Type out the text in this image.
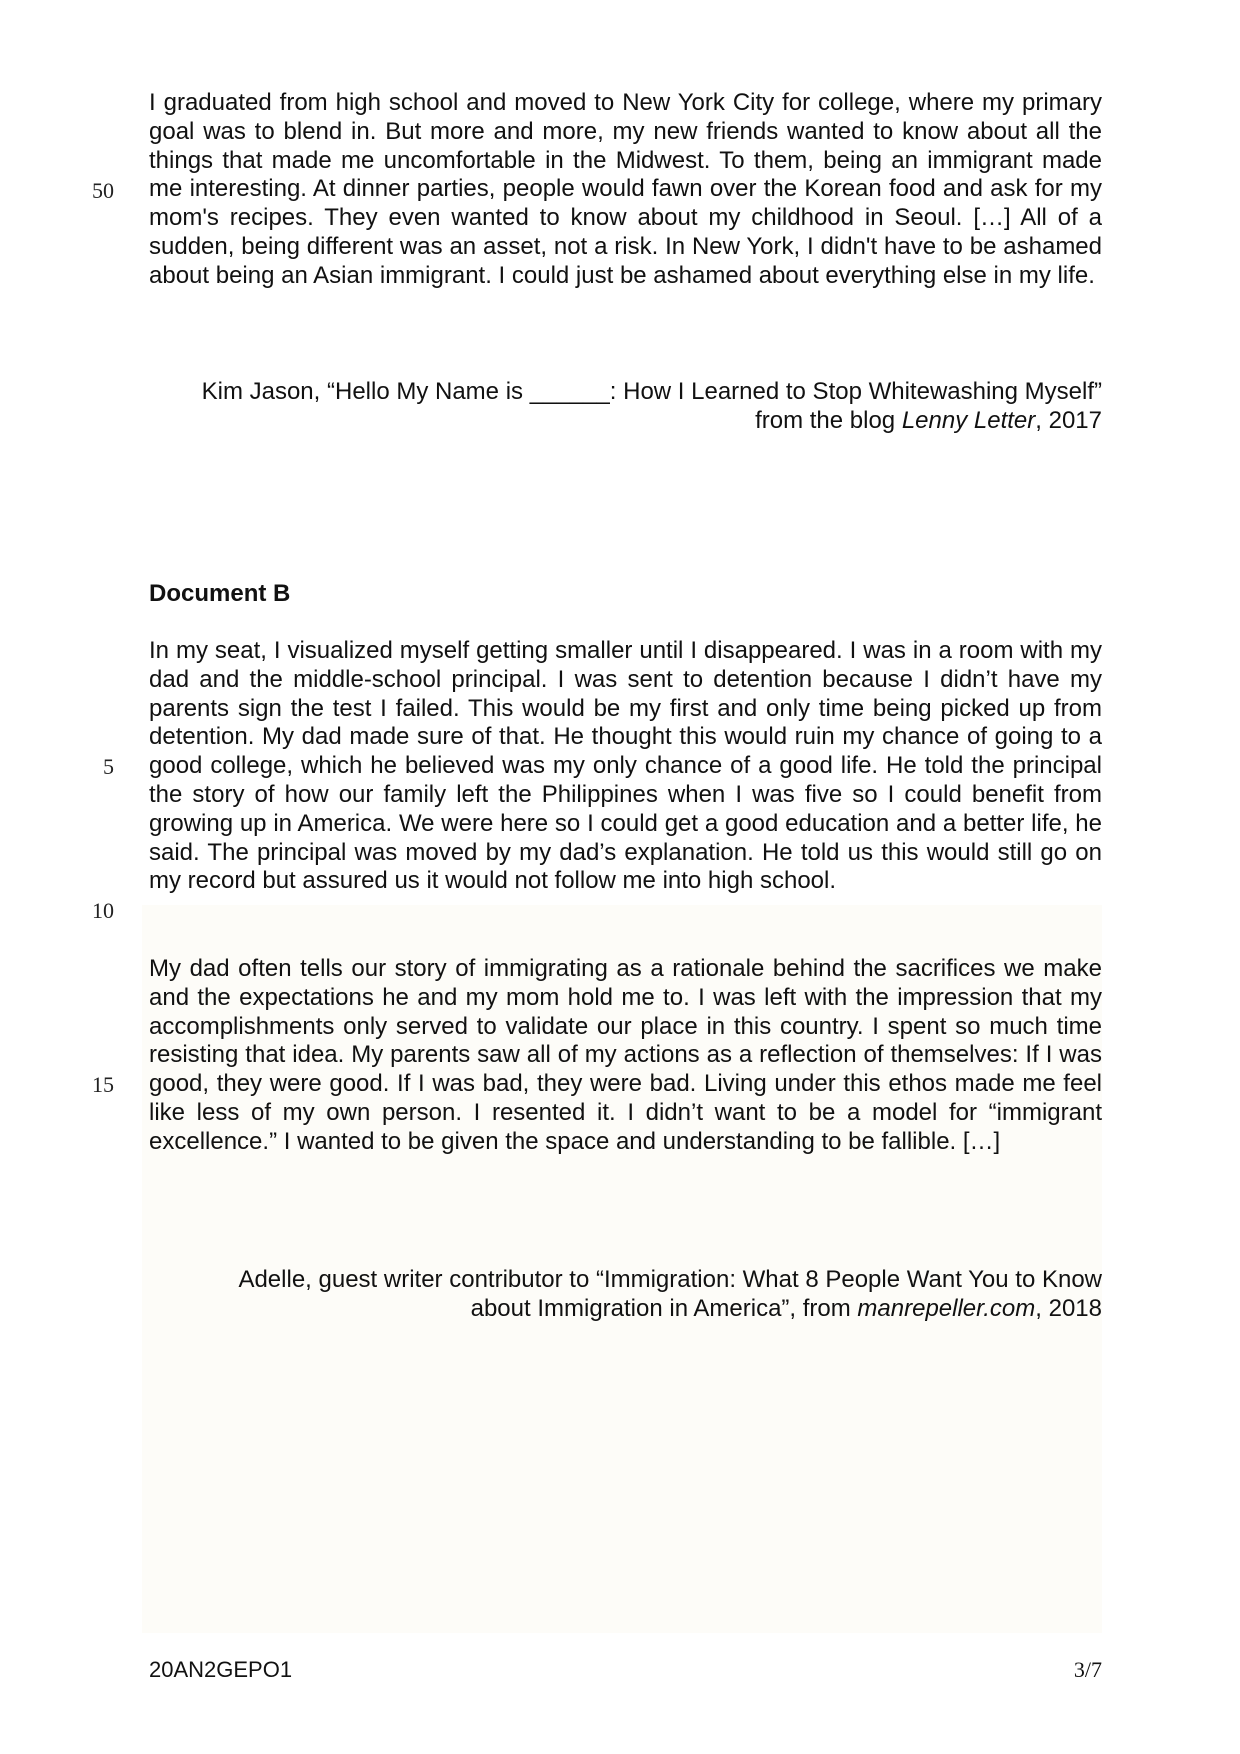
I graduated from high school and moved to New York City for college, where my primary goal was to blend in. But more and more, my new friends wanted to know about all the things that made me uncomfortable in the Midwest. To them, being an immigrant made me interesting. At dinner parties, people would fawn over the Korean food and ask for my mom's recipes. They even wanted to know about my childhood in Seoul. […] All of a sudden, being different was an asset, not a risk. In New York, I didn't have to be ashamed about being an Asian immigrant. I could just be ashamed about everything else in my life.

50

Kim Jason, “Hello My Name is ______: How I Learned to Stop Whitewashing Myself”
from the blog Lenny Letter, 2017

Document B

In my seat, I visualized myself getting smaller until I disappeared. I was in a room with my dad and the middle-school principal. I was sent to detention because I didn’t have my parents sign the test I failed. This would be my first and only time being picked up from detention. My dad made sure of that. He thought this would ruin my chance of going to a good college, which he believed was my only chance of a good life. He told the principal the story of how our family left the Philippines when I was five so I could benefit from growing up in America. We were here so I could get a good education and a better life, he said. The principal was moved by my dad’s explanation. He told us this would still go on my record but assured us it would not follow me into high school.

5
10

My dad often tells our story of immigrating as a rationale behind the sacrifices we make and the expectations he and my mom hold me to. I was left with the impression that my accomplishments only served to validate our place in this country. I spent so much time resisting that idea. My parents saw all of my actions as a reflection of themselves: If I was good, they were good. If I was bad, they were bad. Living under this ethos made me feel like less of my own person. I resented it. I didn’t want to be a model for “immigrant excellence.” I wanted to be given the space and understanding to be fallible. […]

15

Adelle, guest writer contributor to “Immigration: What 8 People Want You to Know
about Immigration in America”, from manrepeller.com, 2018

20AN2GEPO1	3/7
